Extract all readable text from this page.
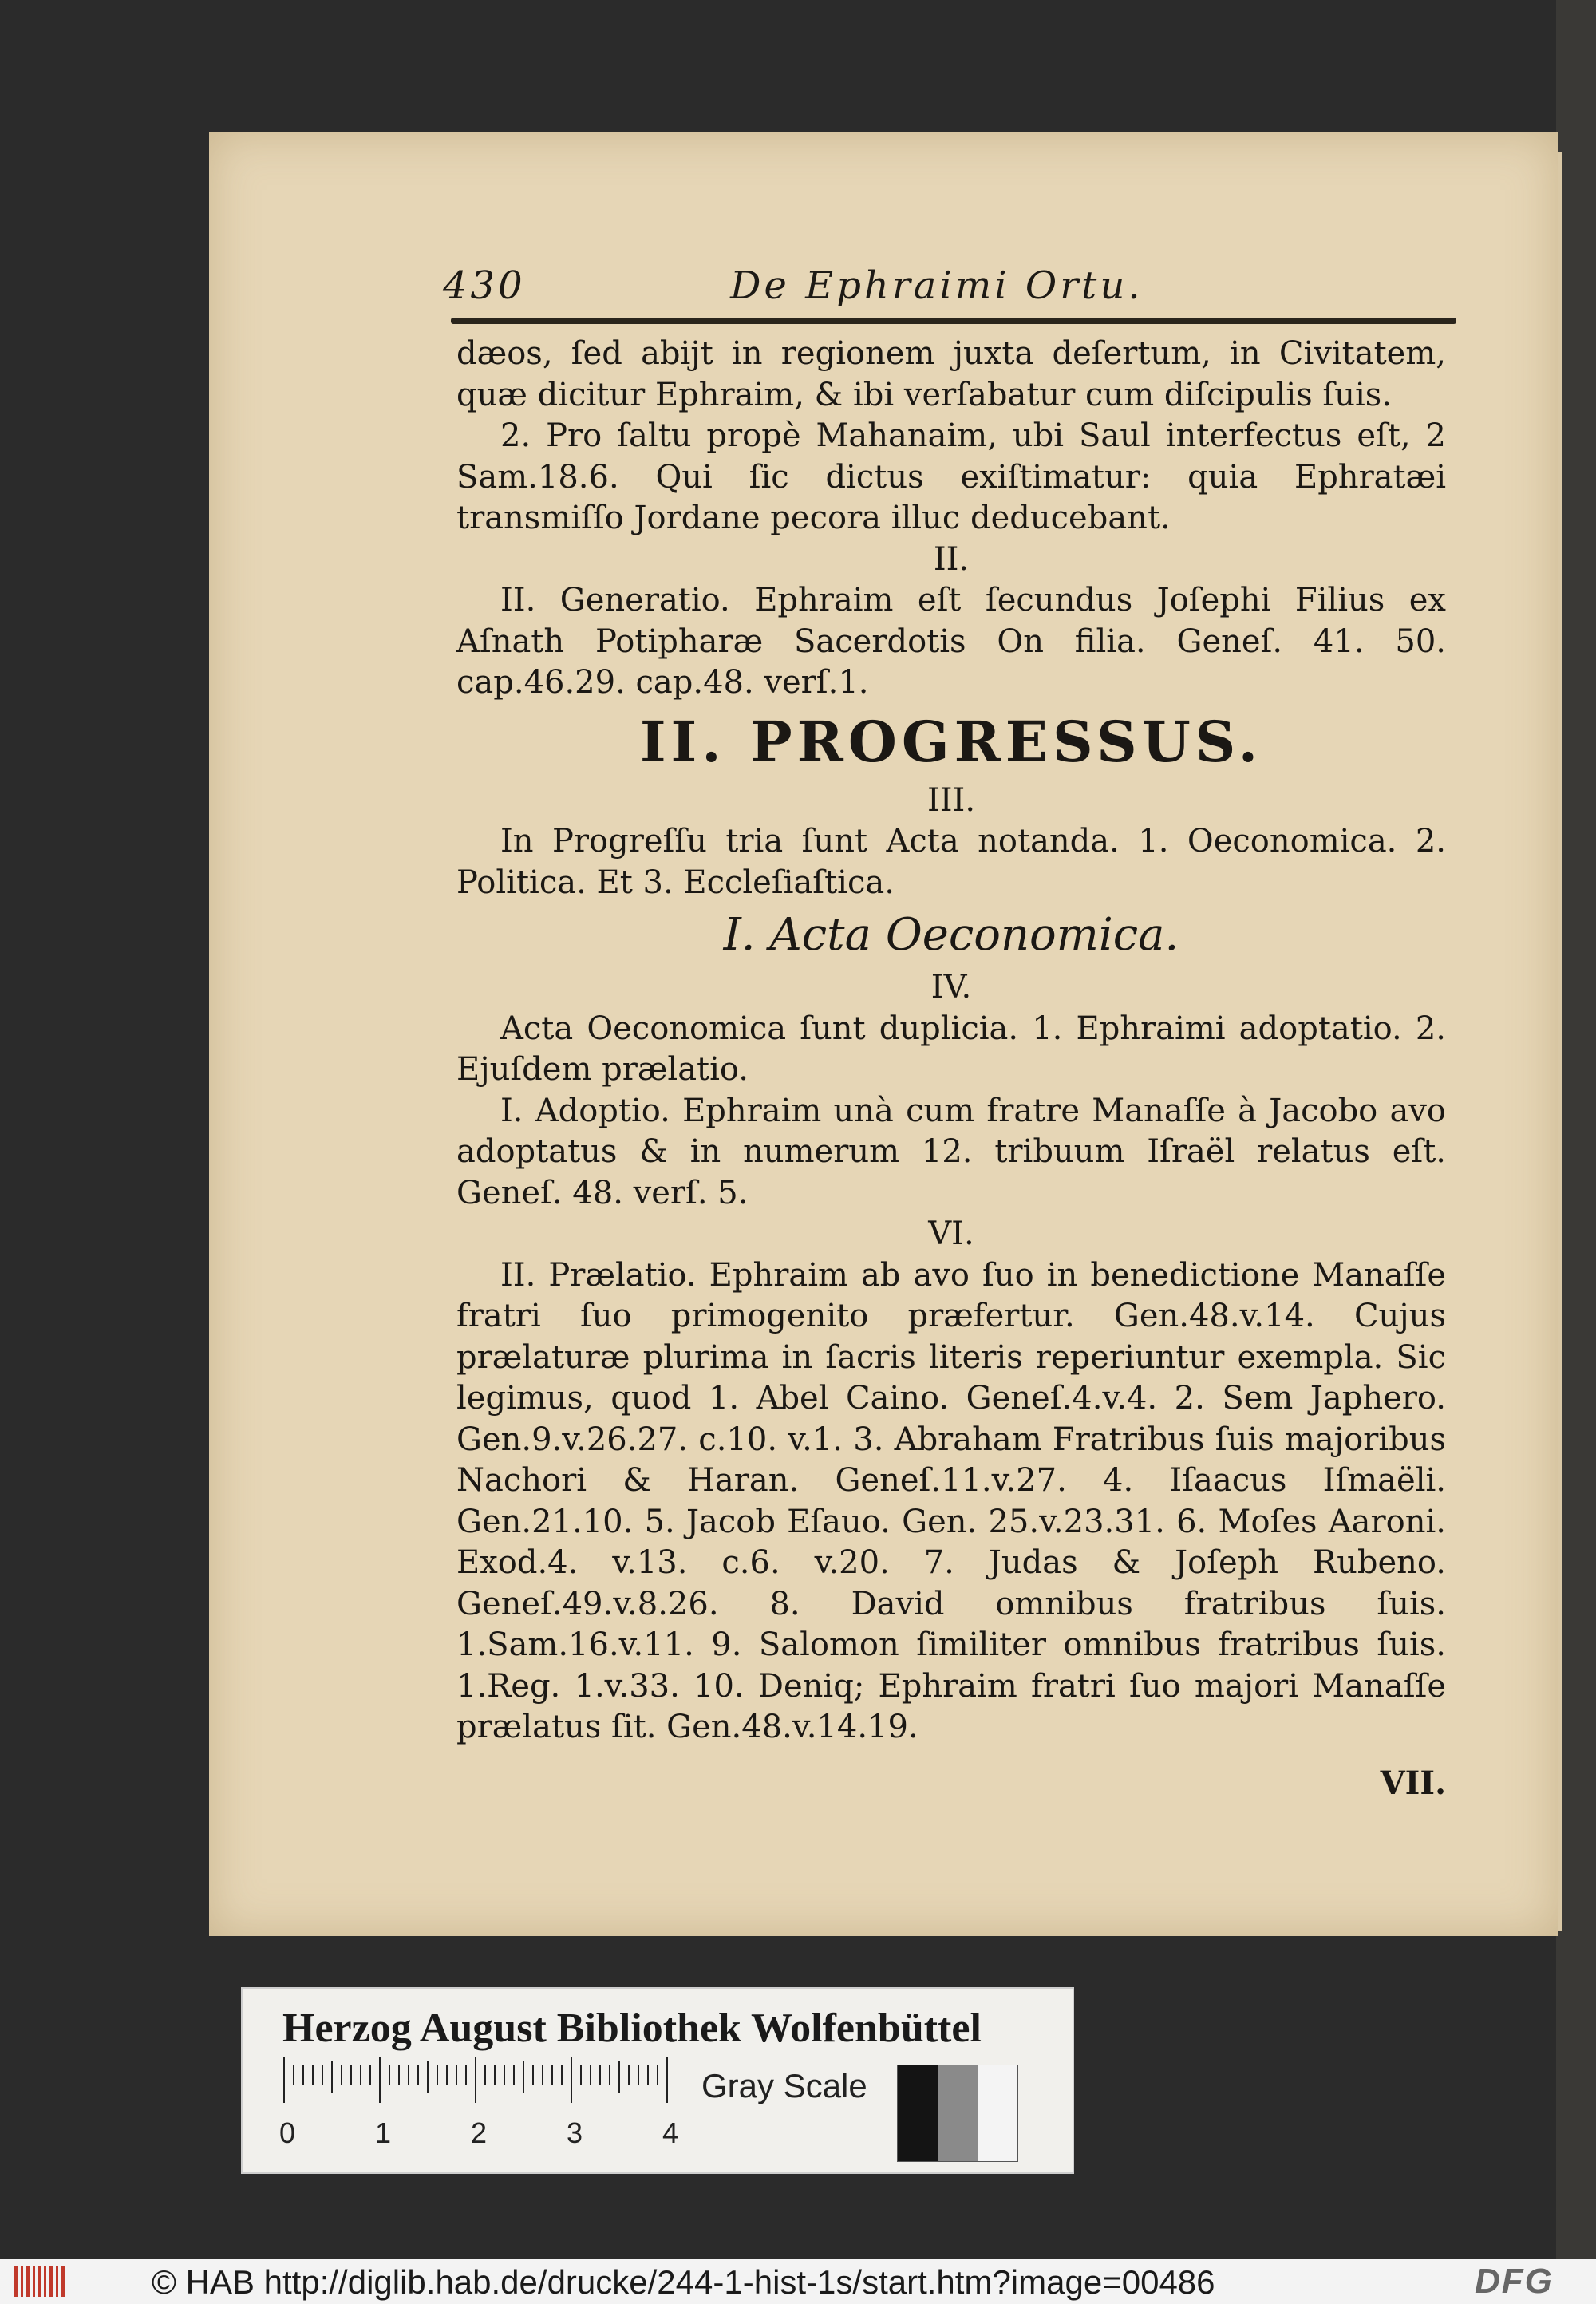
430	De Ephraimi Ortu.

dæos, ſed abijt in regionem juxta deſertum, in Civitatem, quæ dicitur Ephraim, & ibi verſabatur cum diſcipulis ſuis.

2. Pro ſaltu propè Mahanaim, ubi Saul interfectus eſt, 2 Sam.18.6. Qui ſic dictus exiſtimatur: quia Ephratæi transmiſſo Jordane pecora illuc deducebant.

II.

II. Generatio. Ephraim eſt ſecundus Joſephi Filius ex Aſnath Potipharæ Sacerdotis On filia. Geneſ. 41. 50. cap.46.29. cap.48. verſ.1.

II. PROGRESSUS.

III.

In Progreſſu tria ſunt Acta notanda. 1. Oeconomica. 2. Politica. Et 3. Eccleſiaſtica.

I. Acta Oeconomica.

IV.

Acta Oeconomica ſunt duplicia. 1. Ephraimi adoptatio. 2. Ejuſdem prælatio.

I. Adoptio. Ephraim unà cum fratre Manaſſe à Jacobo avo adoptatus & in numerum 12. tribuum Iſraël relatus eſt. Geneſ. 48. verſ. 5.

VI.

II. Prælatio. Ephraim ab avo ſuo in benedictione Manaſſe fratri ſuo primogenito præfertur. Gen.48.v.14. Cujus prælaturæ plurima in ſacris literis reperiuntur exempla. Sic legimus, quod 1. Abel Caino. Geneſ.4.v.4. 2. Sem Japhero. Gen.9.v.26.27. c.10. v.1. 3. Abraham Fratribus ſuis majoribus Nachori & Haran. Geneſ.11.v.27. 4. Iſaacus Iſmaëli. Gen.21.10. 5. Jacob Eſauo. Gen. 25.v.23.31. 6. Moſes Aaroni. Exod.4. v.13. c.6. v.20. 7. Judas & Joſeph Rubeno. Geneſ.49.v.8.26. 8. David omnibus fratribus ſuis. 1.Sam.16.v.11. 9. Salomon ſimiliter omnibus fratribus ſuis. 1.Reg. 1.v.33. 10. Deniq; Ephraim fratri ſuo majori Manaſſe prælatus ſit. Gen.48.v.14.19.

VII.

Herzog August Bibliothek Wolfenbüttel
0	1	2	3	4
Gray Scale
© HAB http://diglib.hab.de/drucke/244-1-hist-1s/start.htm?image=00486	DFG
